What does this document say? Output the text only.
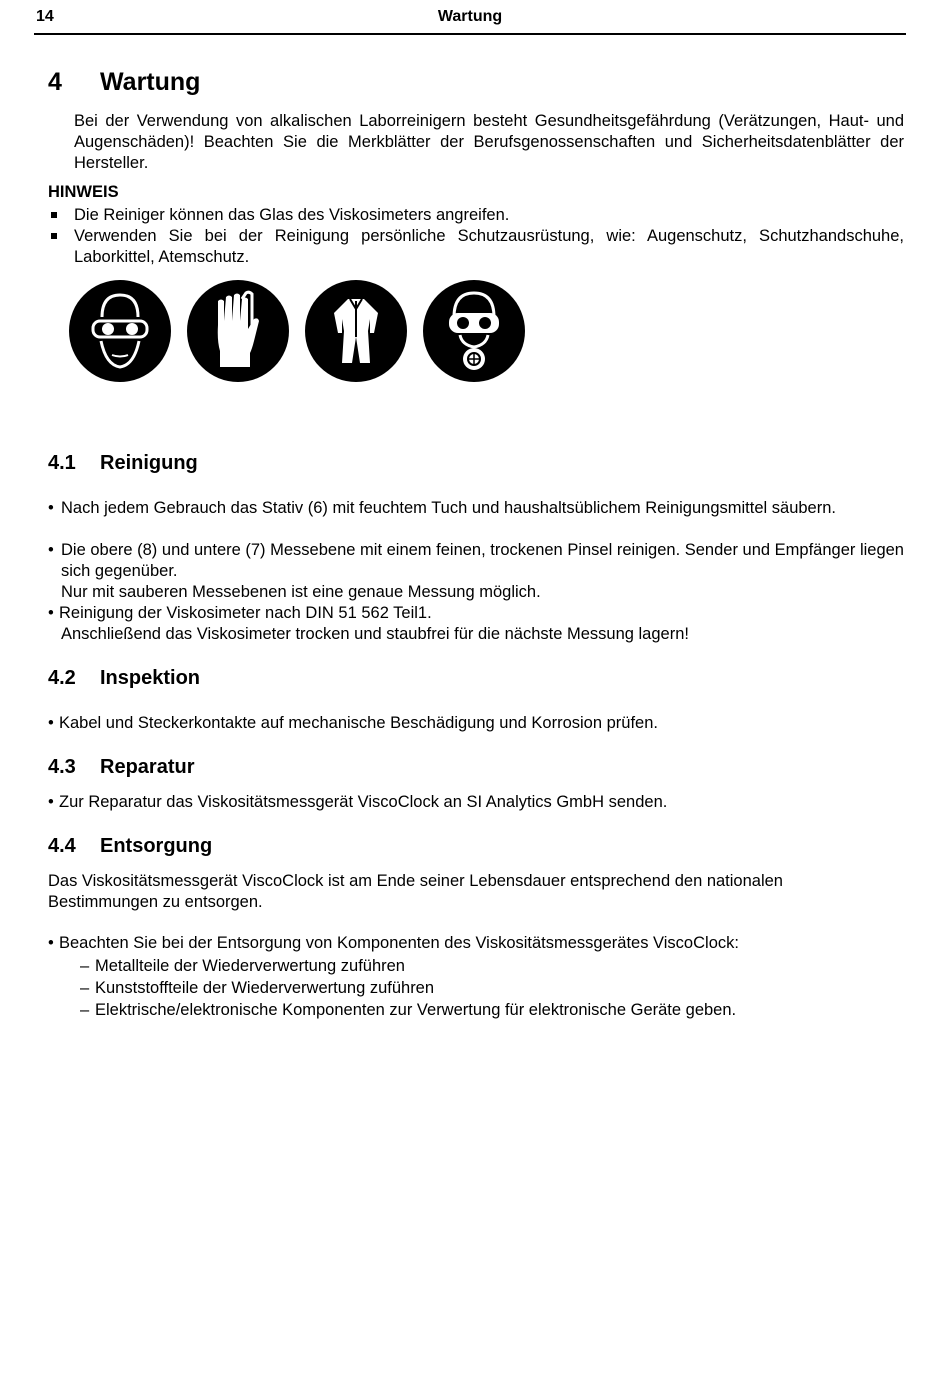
14	Wartung
4 Wartung
Bei der Verwendung von alkalischen Laborreinigern besteht Gesundheitsgefährdung (Verätzungen, Haut- und Augenschäden)! Beachten Sie die Merkblätter der Berufsgenossenschaften und Sicherheitsdatenblätter der Hersteller.
HINWEIS
Die Reiniger können das Glas des Viskosimeters angreifen.
Verwenden Sie bei der Reinigung persönliche Schutzausrüstung, wie: Augenschutz, Schutzhandschuhe, Laborkittel, Atemschutz.
4.1 Reinigung
• Nach jedem Gebrauch das Stativ (6) mit feuchtem Tuch und haushaltsüblichem Reinigungsmittel säubern.
• Die obere (8) und untere (7) Messebene mit einem feinen, trockenen Pinsel reinigen. Sender und Empfänger liegen sich gegenüber.
Nur mit sauberen Messebenen ist eine genaue Messung möglich.
• Reinigung der Viskosimeter nach DIN 51 562 Teil1.
Anschließend das Viskosimeter trocken und staubfrei für die nächste Messung lagern!
4.2 Inspektion
• Kabel und Steckerkontakte auf mechanische Beschädigung und Korrosion prüfen.
4.3 Reparatur
• Zur Reparatur das Viskositätsmessgerät ViscoClock an SI Analytics GmbH senden.
4.4 Entsorgung
Das Viskositätsmessgerät ViscoClock ist am Ende seiner Lebensdauer entsprechend den nationalen Bestimmungen zu entsorgen.
• Beachten Sie bei der Entsorgung von Komponenten des Viskositätsmessgerätes ViscoClock:
– Metallteile der Wiederverwertung zuführen
– Kunststoffteile der Wiederverwertung zuführen
– Elektrische/elektronische Komponenten zur Verwertung für elektronische Geräte geben.
